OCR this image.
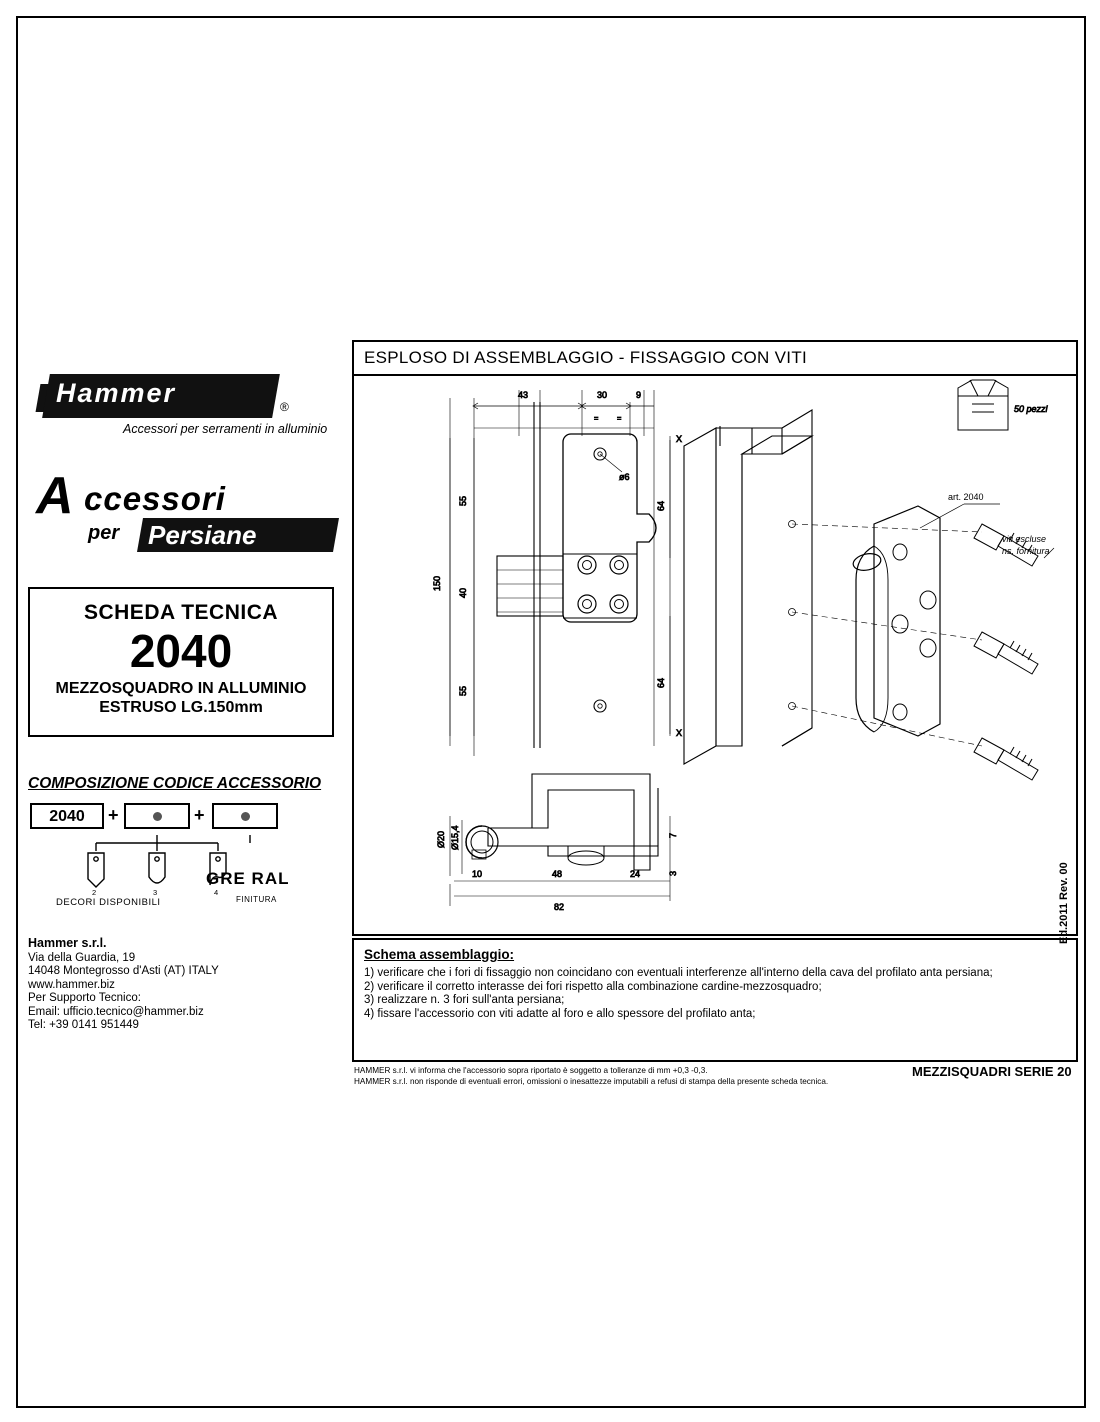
Hammer	®
Accessori per serramenti in alluminio
A ccessori
per Persiane
SCHEDA TECNICA
2040
MEZZOSQUADRO IN ALLUMINIO
ESTRUSO LG.150mm
COMPOSIZIONE CODICE ACCESSORIO
2040	+	+
2	3	4
DECORI DISPONIBILI
GRE RAL
FINITURA
Hammer s.r.l.
Via della Guardia, 19
14048 Montegrosso d'Asti (AT) ITALY
www.hammer.biz
Per Supporto Tecnico:
Email: ufficio.tecnico@hammer.biz
Tel: +39 0141 951449
ESPLOSO DI ASSEMBLAGGIO - FISSAGGIO CON VITI
43	30	9
= =
150
55
40
55
64
64
X
X
ø6
Ø20 Ø15,4
10	48	24
82
7
3
50 pezzi
art. 2040
viti escluse
ns. fornitura
Schema assemblaggio:
1) verificare che i fori di fissaggio non coincidano con eventuali interferenze all'interno della cava del profilato anta persiana;
2) verificare il corretto interasse dei fori rispetto alla combinazione cardine-mezzosquadro;
3) realizzare n. 3 fori sull'anta persiana;
4) fissare l'accessorio con viti adatte al foro e allo spessore del profilato anta;
HAMMER s.r.l. vi informa che l'accessorio sopra riportato è soggetto a tolleranze di mm +0,3 -0,3.
HAMMER s.r.l. non risponde di eventuali errori, omissioni o inesattezze imputabili a refusi di stampa della presente scheda tecnica.
MEZZISQUADRI SERIE 20
Ed.2011 Rev. 00
